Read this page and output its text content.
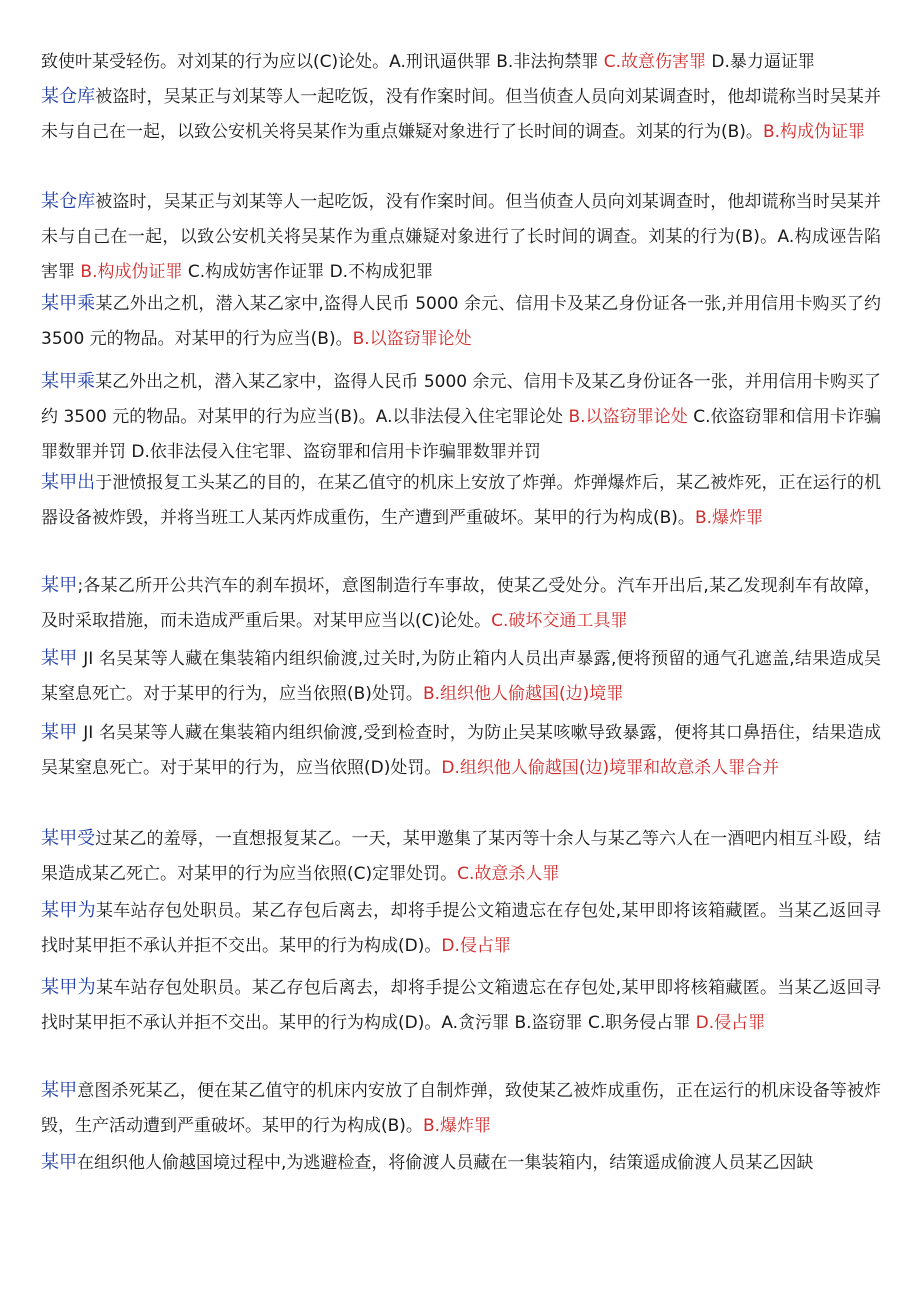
致使叶某受轻伤。对刘某的行为应以(C)论处。A.刑讯逼供罪 B.非法拘禁罪 C.故意伤害罪 D.暴力逼证罪

某仓库被盗时，吴某正与刘某等人一起吃饭，没有作案时间。但当侦查人员向刘某调查时，他却谎称当时吴某并未与自己在一起，以致公安机关将吴某作为重点嫌疑对象进行了长时间的调查。刘某的行为(B)。B.构成伪证罪

某仓库被盗时，吴某正与刘某等人一起吃饭，没有作案时间。但当侦查人员向刘某调查时，他却谎称当时吴某并未与自己在一起，以致公安机关将吴某作为重点嫌疑对象进行了长时间的调查。刘某的行为(B)。A.构成诬告陷害罪 B.构成伪证罪 C.构成妨害作证罪 D.不构成犯罪

某甲乘某乙外出之机，潜入某乙家中,盗得人民币 5000 余元、信用卡及某乙身份证各一张,并用信用卡购买了约 3500 元的物品。对某甲的行为应当(B)。B.以盗窃罪论处

某甲乘某乙外出之机，潜入某乙家中，盗得人民币 5000 余元、信用卡及某乙身份证各一张，并用信用卡购买了约 3500 元的物品。对某甲的行为应当(B)。A.以非法侵入住宅罪论处 B.以盗窃罪论处 C.依盗窃罪和信用卡诈骗罪数罪并罚 D.依非法侵入住宅罪、盗窃罪和信用卡诈骗罪数罪并罚

某甲出于泄愤报复工头某乙的目的，在某乙值守的机床上安放了炸弹。炸弹爆炸后，某乙被炸死，正在运行的机器设备被炸毁，并将当班工人某丙炸成重伤，生产遭到严重破坏。某甲的行为构成(B)。B.爆炸罪

某甲;各某乙所开公共汽车的刹车损坏，意图制造行车事故，使某乙受处分。汽车开出后,某乙发现刹车有故障，及时采取措施，而未造成严重后果。对某甲应当以(C)论处。C.破坏交通工具罪

某甲 JI 名吴某等人藏在集装箱内组织偷渡,过关时,为防止箱内人员出声暴露,便将预留的通气孔遮盖,结果造成吴某窒息死亡。对于某甲的行为，应当依照(B)处罚。B.组织他人偷越国(边)境罪

某甲 JI 名吴某等人藏在集装箱内组织偷渡,受到检查时，为防止吴某咳嗽导致暴露，便将其口鼻捂住，结果造成吴某窒息死亡。对于某甲的行为，应当依照(D)处罚。D.组织他人偷越国(边)境罪和故意杀人罪合并

某甲受过某乙的羞辱，一直想报复某乙。一天，某甲邀集了某丙等十余人与某乙等六人在一酒吧内相互斗殴，结果造成某乙死亡。对某甲的行为应当依照(C)定罪处罚。C.故意杀人罪

某甲为某车站存包处职员。某乙存包后离去，却将手提公文箱遗忘在存包处,某甲即将该箱藏匿。当某乙返回寻找时某甲拒不承认并拒不交出。某甲的行为构成(D)。D.侵占罪

某甲为某车站存包处职员。某乙存包后离去，却将手提公文箱遗忘在存包处,某甲即将核箱藏匿。当某乙返回寻找时某甲拒不承认并拒不交出。某甲的行为构成(D)。A.贪污罪 B.盗窃罪 C.职务侵占罪 D.侵占罪

某甲意图杀死某乙，便在某乙值守的机床内安放了自制炸弹，致使某乙被炸成重伤，正在运行的机床设备等被炸毁，生产活动遭到严重破坏。某甲的行为构成(B)。B.爆炸罪

某甲在组织他人偷越国境过程中,为逃避检查，将偷渡人员藏在一集装箱内，结策遥成偷渡人员某乙因缺
